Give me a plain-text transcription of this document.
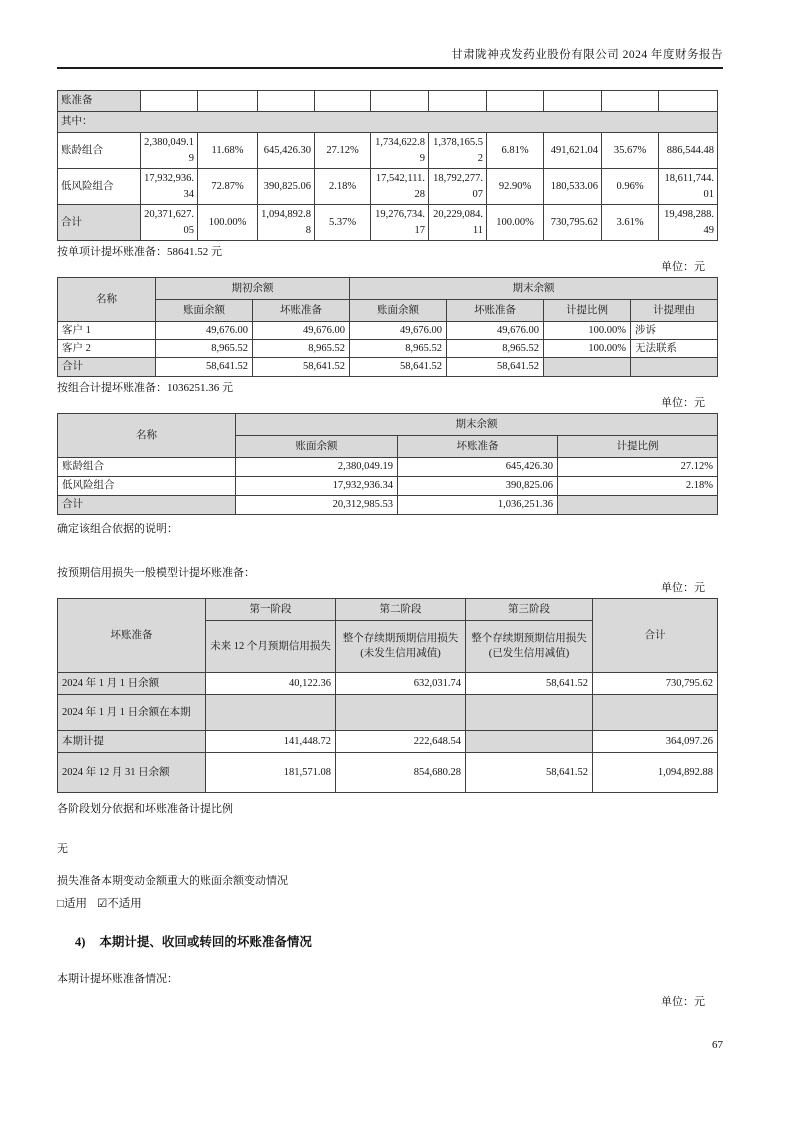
甘肃陇神戎发药业股份有限公司 2024 年度财务报告
账准备										
其中：										
账龄组合	2,380,049.19	11.68%	645,426.30	27.12%	1,734,622.89	1,378,165.52	6.81%	491,621.04	35.67%	886,544.48
低风险组合	17,932,936.34	72.87%	390,825.06	2.18%	17,542,111.28	18,792,277.07	92.90%	180,533.06	0.96%	18,611,744.01
合计	20,371,627.05	100.00%	1,094,892.88	5.37%	19,276,734.17	20,229,084.11	100.00%	730,795.62	3.61%	19,498,288.49

按单项计提坏账准备：58641.52 元

单位：元
名称	期初余额		期末余额			
	账面余额	坏账准备	账面余额	坏账准备	计提比例	计提理由
客户 1	49,676.00	49,676.00	49,676.00	49,676.00	100.00%	涉诉
客户 2	8,965.52	8,965.52	8,965.52	8,965.52	100.00%	无法联系
合计	58,641.52	58,641.52	58,641.52	58,641.52		

按组合计提坏账准备：1036251.36 元

单位：元
名称	期末余额		
	账面余额	坏账准备	计提比例
账龄组合	2,380,049.19	645,426.30	27.12%
低风险组合	17,932,936.34	390,825.06	2.18%
合计	20,312,985.53	1,036,251.36	

确定该组合依据的说明：

按预期信用损失一般模型计提坏账准备：

单位：元
坏账准备	第一阶段	第二阶段	第三阶段	合计
	未来 12 个月预期信用损失	整个存续期预期信用损失(未发生信用减值)	整个存续期预期信用损失(已发生信用减值)	
2024 年 1 月 1 日余额	40,122.36	632,031.74	58,641.52	730,795.62
2024 年 1 月 1 日余额在本期				
本期计提	141,448.72	222,648.54		364,097.26
2024 年 12 月 31 日余额	181,571.08	854,680.28	58,641.52	1,094,892.88

各阶段划分依据和坏账准备计提比例

无

损失准备本期变动金额重大的账面余额变动情况

□适用 ☑不适用
4) 本期计提、收回或转回的坏账准备情况

本期计提坏账准备情况：

单位：元
67
